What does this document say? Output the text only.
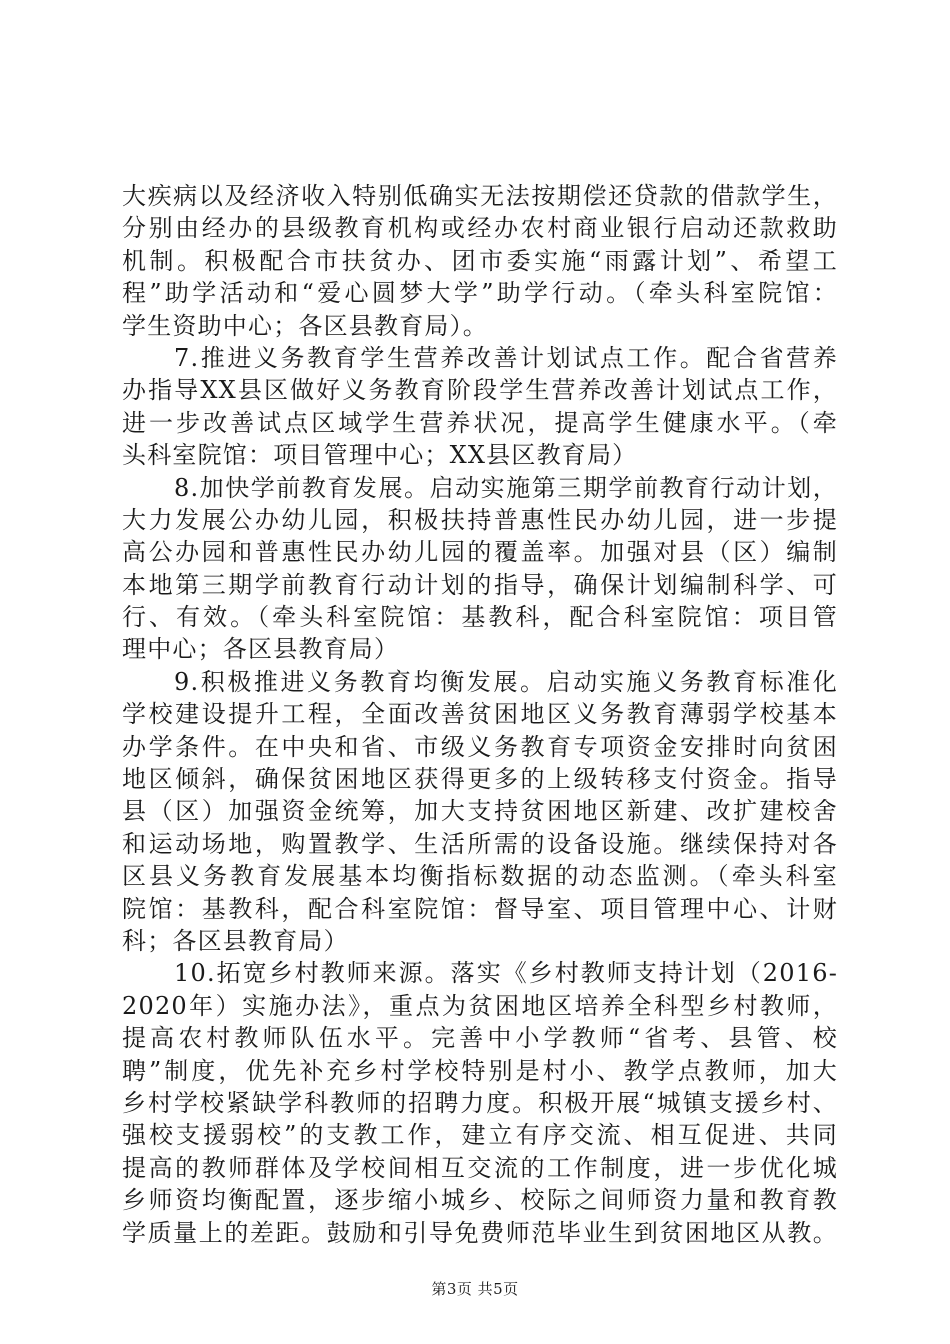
大疾病以及经济收入特别低确实无法按期偿还贷款的借款学生，
分别由经办的县级教育机构或经办农村商业银行启动还款救助
机制。积极配合市扶贫办、团市委实施“雨露计划”、希望工
程”助学活动和“爱心圆梦大学”助学行动。（牵头科室院馆：
学生资助中心；各区县教育局）。
7.推进义务教育学生营养改善计划试点工作。配合省营养
办指导XX县区做好义务教育阶段学生营养改善计划试点工作，
进一步改善试点区域学生营养状况，提高学生健康水平。（牵
头科室院馆：项目管理中心；XX县区教育局）
8.加快学前教育发展。启动实施第三期学前教育行动计划，
大力发展公办幼儿园，积极扶持普惠性民办幼儿园，进一步提
高公办园和普惠性民办幼儿园的覆盖率。加强对县（区）编制
本地第三期学前教育行动计划的指导，确保计划编制科学、可
行、有效。（牵头科室院馆：基教科，配合科室院馆：项目管
理中心；各区县教育局）
9.积极推进义务教育均衡发展。启动实施义务教育标准化
学校建设提升工程，全面改善贫困地区义务教育薄弱学校基本
办学条件。在中央和省、市级义务教育专项资金安排时向贫困
地区倾斜，确保贫困地区获得更多的上级转移支付资金。指导
县（区）加强资金统筹，加大支持贫困地区新建、改扩建校舍
和运动场地，购置教学、生活所需的设备设施。继续保持对各
区县义务教育发展基本均衡指标数据的动态监测。（牵头科室
院馆：基教科，配合科室院馆：督导室、项目管理中心、计财
科；各区县教育局）
10.拓宽乡村教师来源。落实《乡村教师支持计划（2016-
2020年）实施办法》，重点为贫困地区培养全科型乡村教师，
提高农村教师队伍水平。完善中小学教师“省考、县管、校
聘”制度，优先补充乡村学校特别是村小、教学点教师，加大
乡村学校紧缺学科教师的招聘力度。积极开展“城镇支援乡村、
强校支援弱校”的支教工作，建立有序交流、相互促进、共同
提高的教师群体及学校间相互交流的工作制度，进一步优化城
乡师资均衡配置，逐步缩小城乡、校际之间师资力量和教育教
学质量上的差距。鼓励和引导免费师范毕业生到贫困地区从教。
第3页 共5页
